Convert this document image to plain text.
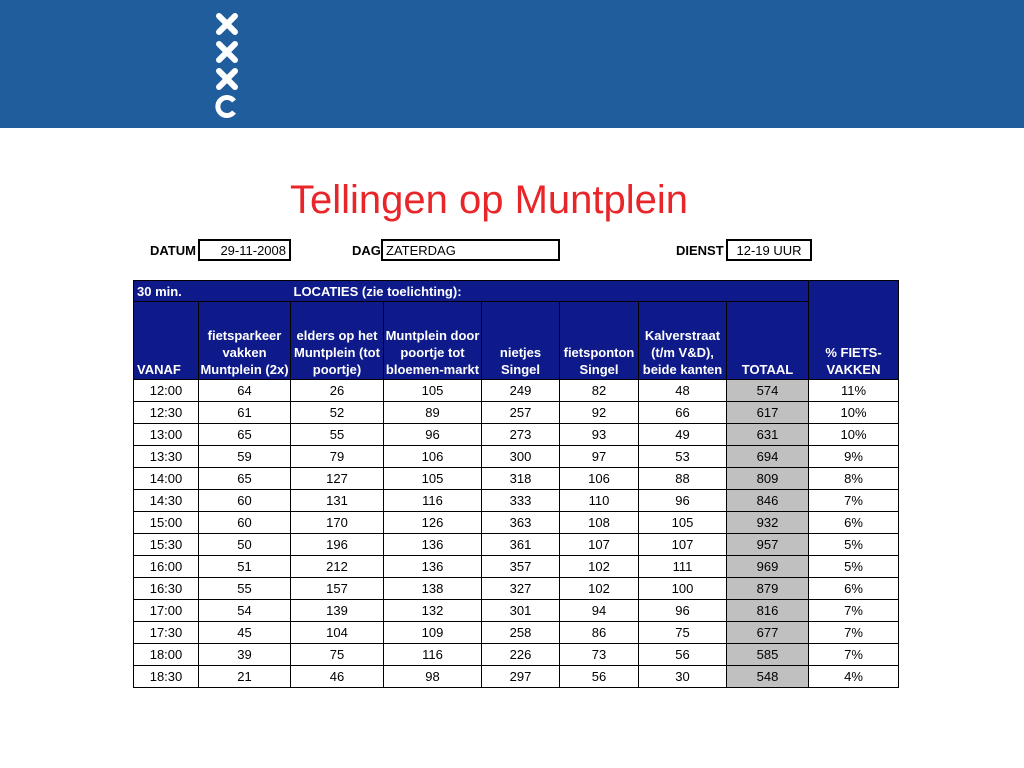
Tellingen op Muntplein
DATUM	29-11-2008	DAG ZATERDAG	DIENST 12-19 UUR
30 min.		LOCATIES (zie toelichting):						% FIETS-VAKKEN
VANAF	fietsparkeer vakken Muntplein (2x)	elders op het Muntplein (tot poortje)	Muntplein door poortje tot bloemen-markt	nietjes Singel	fietsponton Singel	Kalverstraat (t/m V&D), beide kanten	TOTAAL	
12:00	64	26	105	249	82	48	574	11%
12:30	61	52	89	257	92	66	617	10%
13:00	65	55	96	273	93	49	631	10%
13:30	59	79	106	300	97	53	694	9%
14:00	65	127	105	318	106	88	809	8%
14:30	60	131	116	333	110	96	846	7%
15:00	60	170	126	363	108	105	932	6%
15:30	50	196	136	361	107	107	957	5%
16:00	51	212	136	357	102	111	969	5%
16:30	55	157	138	327	102	100	879	6%
17:00	54	139	132	301	94	96	816	7%
17:30	45	104	109	258	86	75	677	7%
18:00	39	75	116	226	73	56	585	7%
18:30	21	46	98	297	56	30	548	4%
